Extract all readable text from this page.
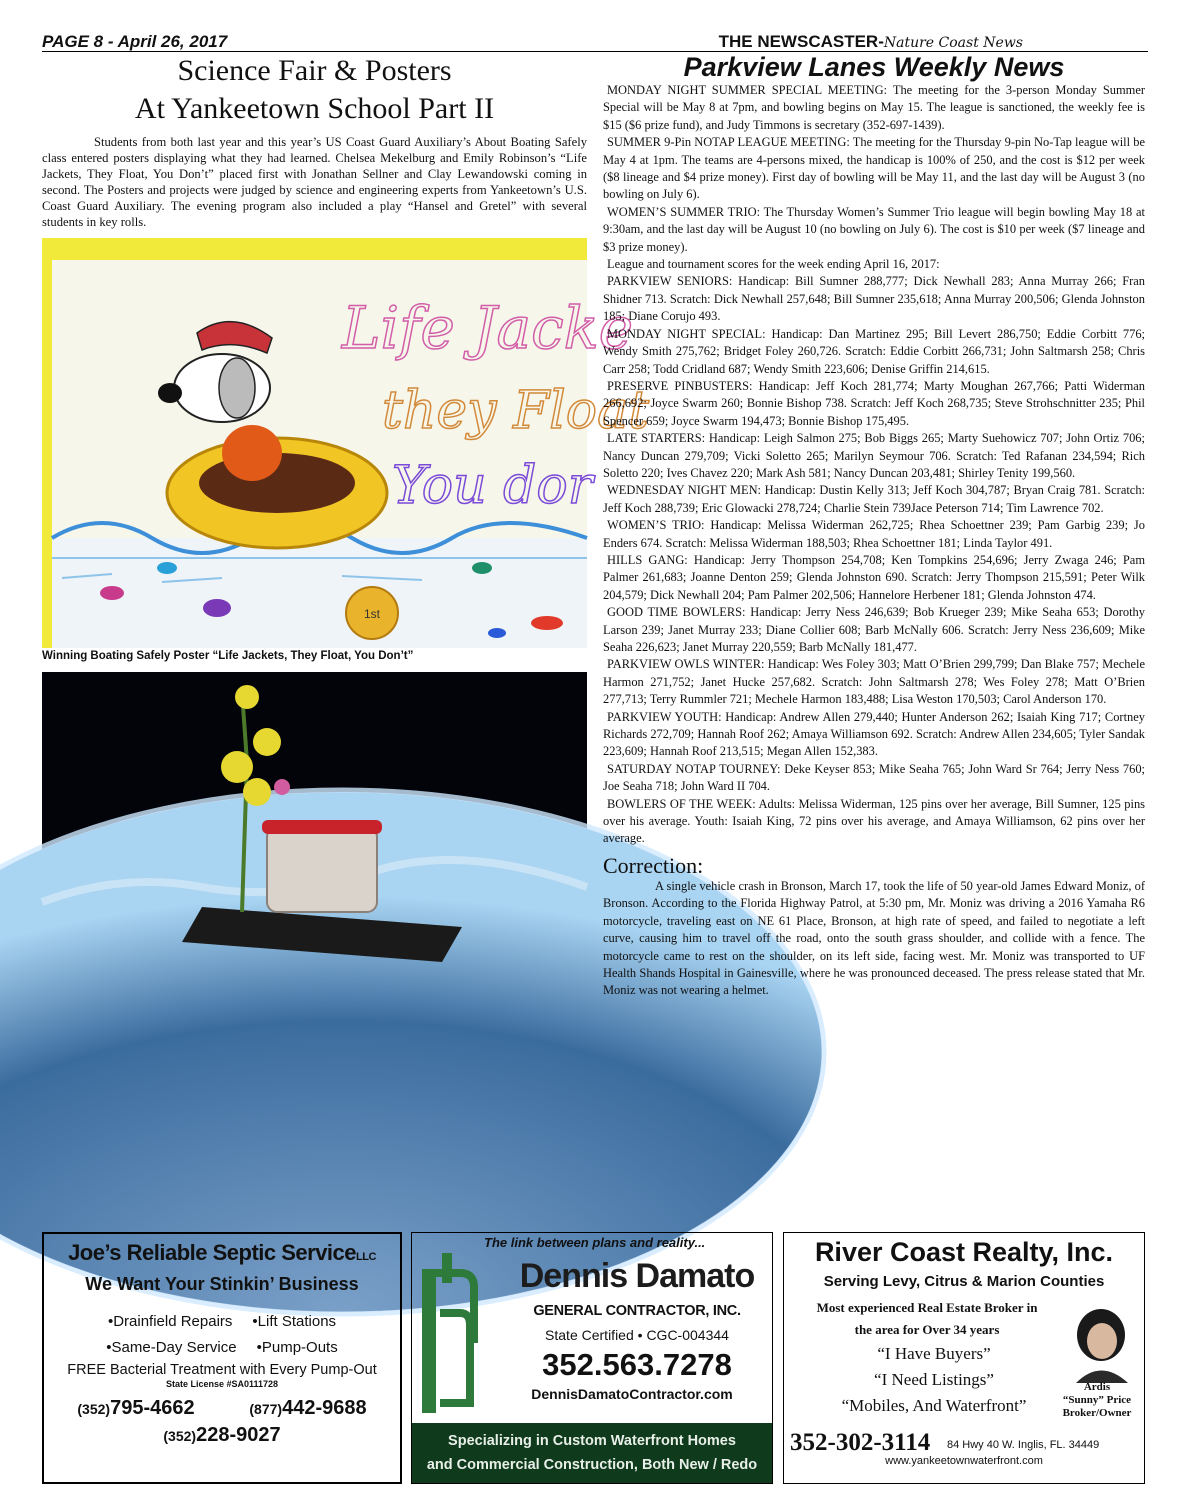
PAGE 8 - April 26, 2017	THE NEWSCASTER-Nature Coast News
Science Fair & Posters
At Yankeetown School Part II

Students from both last year and this year’s US Coast Guard Auxiliary’s About Boating Safely class entered posters displaying what they had learned. Chelsea Mekelburg and Emily Robinson’s “Life Jackets, They Float, You Don’t” placed first with Jonathan Sellner and Clay Lewandowski coming in second. The Posters and projects were judged by science and engineering experts from Yankeetown’s U.S. Coast Guard Auxiliary. The evening program also included a play “Hansel and Gretel” with several students in key rolls.

1st
Life Jacke
they Float
You dor
Winning Boating Safely Poster “Life Jackets, They Float, You Don’t”

Parkview Lanes Weekly News

MONDAY NIGHT SUMMER SPECIAL MEETING: The meeting for the 3-person Monday Summer Special will be May 8 at 7pm, and bowling begins on May 15. The league is sanctioned, the weekly fee is $15 ($6 prize fund), and Judy Timmons is secretary (352-697-1439).

SUMMER 9-Pin NOTAP LEAGUE MEETING: The meeting for the Thursday 9-pin No-Tap league will be May 4 at 1pm. The teams are 4-persons mixed, the handicap is 100% of 250, and the cost is $12 per week ($8 lineage and $4 prize money). First day of bowling will be May 11, and the last day will be August 3 (no bowling on July 6).

WOMEN’S SUMMER TRIO: The Thursday Women’s Summer Trio league will begin bowling May 18 at 9:30am, and the last day will be August 10 (no bowling on July 6). The cost is $10 per week ($7 lineage and $3 prize money).

League and tournament scores for the week ending April 16, 2017:

PARKVIEW SENIORS: Handicap: Bill Sumner 288,777; Dick Newhall 283; Anna Murray 266; Fran Shidner 713. Scratch: Dick Newhall 257,648; Bill Sumner 235,618; Anna Murray 200,506; Glenda Johnston 185; Diane Corujo 493.

MONDAY NIGHT SPECIAL: Handicap: Dan Martinez 295; Bill Levert 286,750; Eddie Corbitt 776; Wendy Smith 275,762; Bridget Foley 260,726. Scratch: Eddie Corbitt 266,731; John Saltmarsh 258; Chris Carr 258; Todd Cridland 687; Wendy Smith 223,606; Denise Griffin 214,615.

PRESERVE PINBUSTERS: Handicap: Jeff Koch 281,774; Marty Moughan 267,766; Patti Widerman 266,692; Joyce Swarm 260; Bonnie Bishop 738. Scratch: Jeff Koch 268,735; Steve Strohschnitter 235; Phil Spencer 659; Joyce Swarm 194,473; Bonnie Bishop 175,495.

LATE STARTERS: Handicap: Leigh Salmon 275; Bob Biggs 265; Marty Suehowicz 707; John Ortiz 706; Nancy Duncan 279,709; Vicki Soletto 265; Marilyn Seymour 706. Scratch: Ted Rafanan 234,594; Rich Soletto 220; Ives Chavez 220; Mark Ash 581; Nancy Duncan 203,481; Shirley Tenity 199,560.

WEDNESDAY NIGHT MEN: Handicap: Dustin Kelly 313; Jeff Koch 304,787; Bryan Craig 781. Scratch: Jeff Koch 288,739; Eric Glowacki 278,724; Charlie Stein 739Jace Peterson 714; Tim Lawrence 702.

WOMEN’S TRIO: Handicap: Melissa Widerman 262,725; Rhea Schoettner 239; Pam Garbig 239; Jo Enders 674. Scratch: Melissa Widerman 188,503; Rhea Schoettner 181; Linda Taylor 491.

HILLS GANG: Handicap: Jerry Thompson 254,708; Ken Tompkins 254,696; Jerry Zwaga 246; Pam Palmer 261,683; Joanne Denton 259; Glenda Johnston 690. Scratch: Jerry Thompson 215,591; Peter Wilk 204,579; Dick Newhall 204; Pam Palmer 202,506; Hannelore Herbener 181; Glenda Johnston 474.

GOOD TIME BOWLERS: Handicap: Jerry Ness 246,639; Bob Krueger 239; Mike Seaha 653; Dorothy Larson 239; Janet Murray 233; Diane Collier 608; Barb McNally 606. Scratch: Jerry Ness 236,609; Mike Seaha 226,623; Janet Murray 220,559; Barb McNally 181,477.

PARKVIEW OWLS WINTER: Handicap: Wes Foley 303; Matt O’Brien 299,799; Dan Blake 757; Mechele Harmon 271,752; Janet Hucke 257,682. Scratch: John Saltmarsh 278; Wes Foley 278; Matt O’Brien 277,713; Terry Rummler 721; Mechele Harmon 183,488; Lisa Weston 170,503; Carol Anderson 170.

PARKVIEW YOUTH: Handicap: Andrew Allen 279,440; Hunter Anderson 262; Isaiah King 717; Cortney Richards 272,709; Hannah Roof 262; Amaya Williamson 692. Scratch: Andrew Allen 234,605; Tyler Sandak 223,609; Hannah Roof 213,515; Megan Allen 152,383.

SATURDAY NOTAP TOURNEY: Deke Keyser 853; Mike Seaha 765; John Ward Sr 764; Jerry Ness 760; Joe Seaha 718; John Ward II 704.

BOWLERS OF THE WEEK: Adults: Melissa Widerman, 125 pins over her average, Bill Sumner, 125 pins over his average. Youth: Isaiah King, 72 pins over his average, and Amaya Williamson, 62 pins over her average.

Correction:

A single vehicle crash in Bronson, March 17, took the life of 50 year-old James Edward Moniz, of Bronson. According to the Florida Highway Patrol, at 5:30 pm, Mr. Moniz was driving a 2016 Yamaha R6 motorcycle, traveling east on NE 61 Place, Bronson, at high rate of speed, and failed to negotiate a left curve, causing him to travel off the road, onto the south grass shoulder, and collide with a fence. The motorcycle came to rest on the shoulder, on its left side, facing west. Mr. Moniz was transported to UF Health Shands Hospital in Gainesville, where he was pronounced deceased. The press release stated that Mr. Moniz was not wearing a helmet.

Joe’s Reliable Septic ServiceLLC
We Want Your Stinkin’ Business
•Drainfield Repairs •Lift Stations
•Same-Day Service •Pump-Outs
FREE Bacterial Treatment with Every Pump-Out
State License #SA0111728
(352)795-4662	(877)442-9688
(352)228-9027
The link between plans and reality...
Dennis Damato
GENERAL CONTRACTOR, INC.
State Certified • CGC-004344
352.563.7278
DennisDamatoContractor.com
Specializing in Custom Waterfront Homes
and Commercial Construction, Both New / Redo
River Coast Realty, Inc.
Serving Levy, Citrus & Marion Counties
Most experienced Real Estate Broker in
the area for Over 34 years
“I Have Buyers”
“I Need Listings”
“Mobiles, And Waterfront”
Ardis
“Sunny” Price
Broker/Owner
352-302-3114 84 Hwy 40 W. Inglis, FL. 34449
www.yankeetownwaterfront.com
